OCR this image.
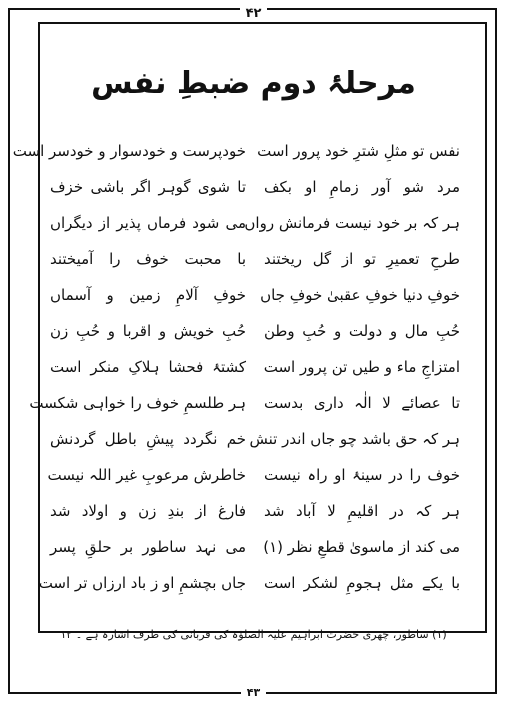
۴۲
مرحلۂ دوم ضبطِ نفس
نفس تو مثلِ شترِ خود پرور است
خودپرست و خودسوار و خودسر است
مرد شو آور زمامِ او بکف
تا شوی گوہر اگر باشی خزف
ہر کہ بر خود نیست فرمانش رواں
می شود فرماں پذیر از دیگراں
طرحِ تعمیرِ تو از گل ریختند
با محبت خوف را آمیختند
خوفِ دنیا خوفِ عقبیٰ خوفِ جاں
خوفِ آلامِ زمین و آسماں
حُبِ مال و دولت و حُبِ وطن
حُبِ خویش و اقربا و حُبِ زن
امتزاجِ ماء و طیں تن پرور است
کشتۂ فحشا ہلاکِ منکر است
تا عصائے لا الٰہ داری بدست
ہر طلسمِ خوف را خواہی شکست
ہر کہ حق باشد چو جاں اندر تنش
خم نگردد پیشِ باطل گردنش
خوف را در سینۂ او راہ نیست
خاطرش مرعوبِ غیر اللہ نیست
ہر کہ در اقلیمِ لا آباد شد
فارغ از بندِ زن و اولاد شد
می کند از ماسویٰ قطعِ نظر (۱)
می نہد ساطور بر حلقِ پسر
با یکے مثل ہجومِ لشکر است
جاں بچشمِ او ز باد ارزاں تر است
(۱) ساطور، چھری حضرت ابراہیم علیہ الصلوٰۃ کی قربانی کی طرف اشارہ ہے ۔ ۱۲
۴۳
